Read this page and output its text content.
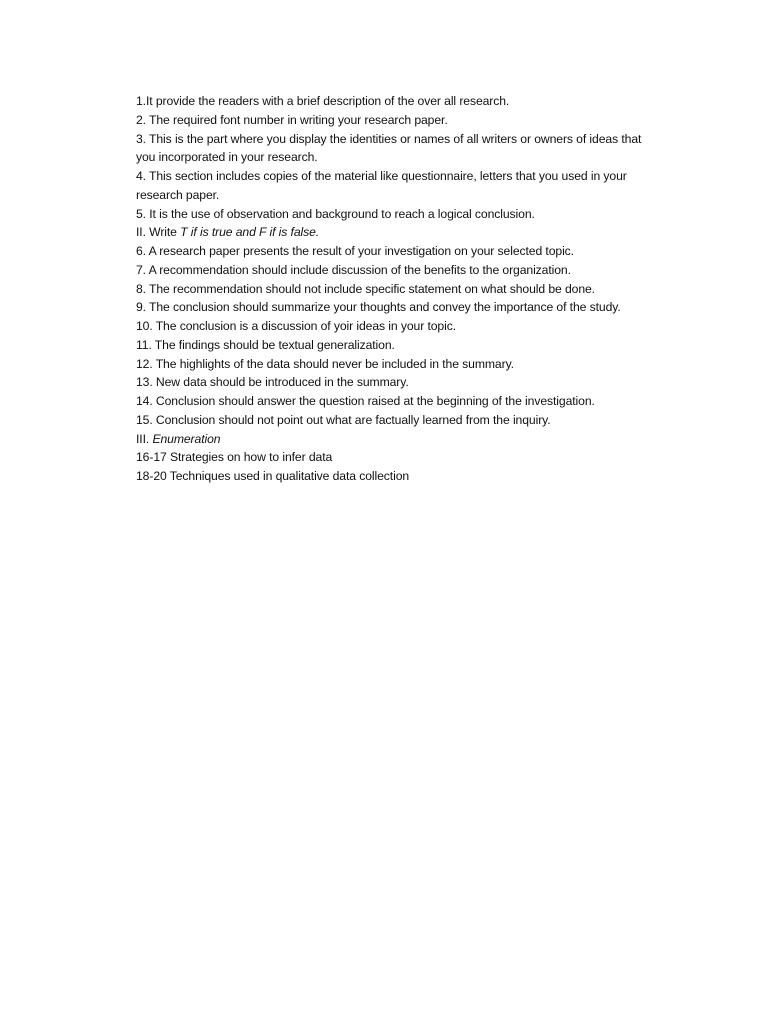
1.It provide the readers with a brief description of the over all research.
2. The required font number in writing your research paper.
3. This is the part where you display the identities or names of all writers or owners of ideas that
you incorporated in your research.
4. This section includes copies of the material like questionnaire, letters that you used in your
research paper.
5. It is the use of observation and background to reach a logical conclusion.
II. Write T if is true and F if is false.
6. A research paper presents the result of your investigation on your selected topic.
7. A recommendation should include discussion of the benefits to the organization.
8. The recommendation should not include specific statement on what should be done.
9. The conclusion should summarize your thoughts and convey the importance of the study.
10. The conclusion is a discussion of yoir ideas in your topic.
11. The findings should be textual generalization.
12. The highlights of the data should never be included in the summary.
13. New data should be introduced in the summary.
14. Conclusion should answer the question raised at the beginning of the investigation.
15. Conclusion should not point out what are factually learned from the inquiry.
III. Enumeration
16-17 Strategies on how to infer data
18-20 Techniques used in qualitative data collection
